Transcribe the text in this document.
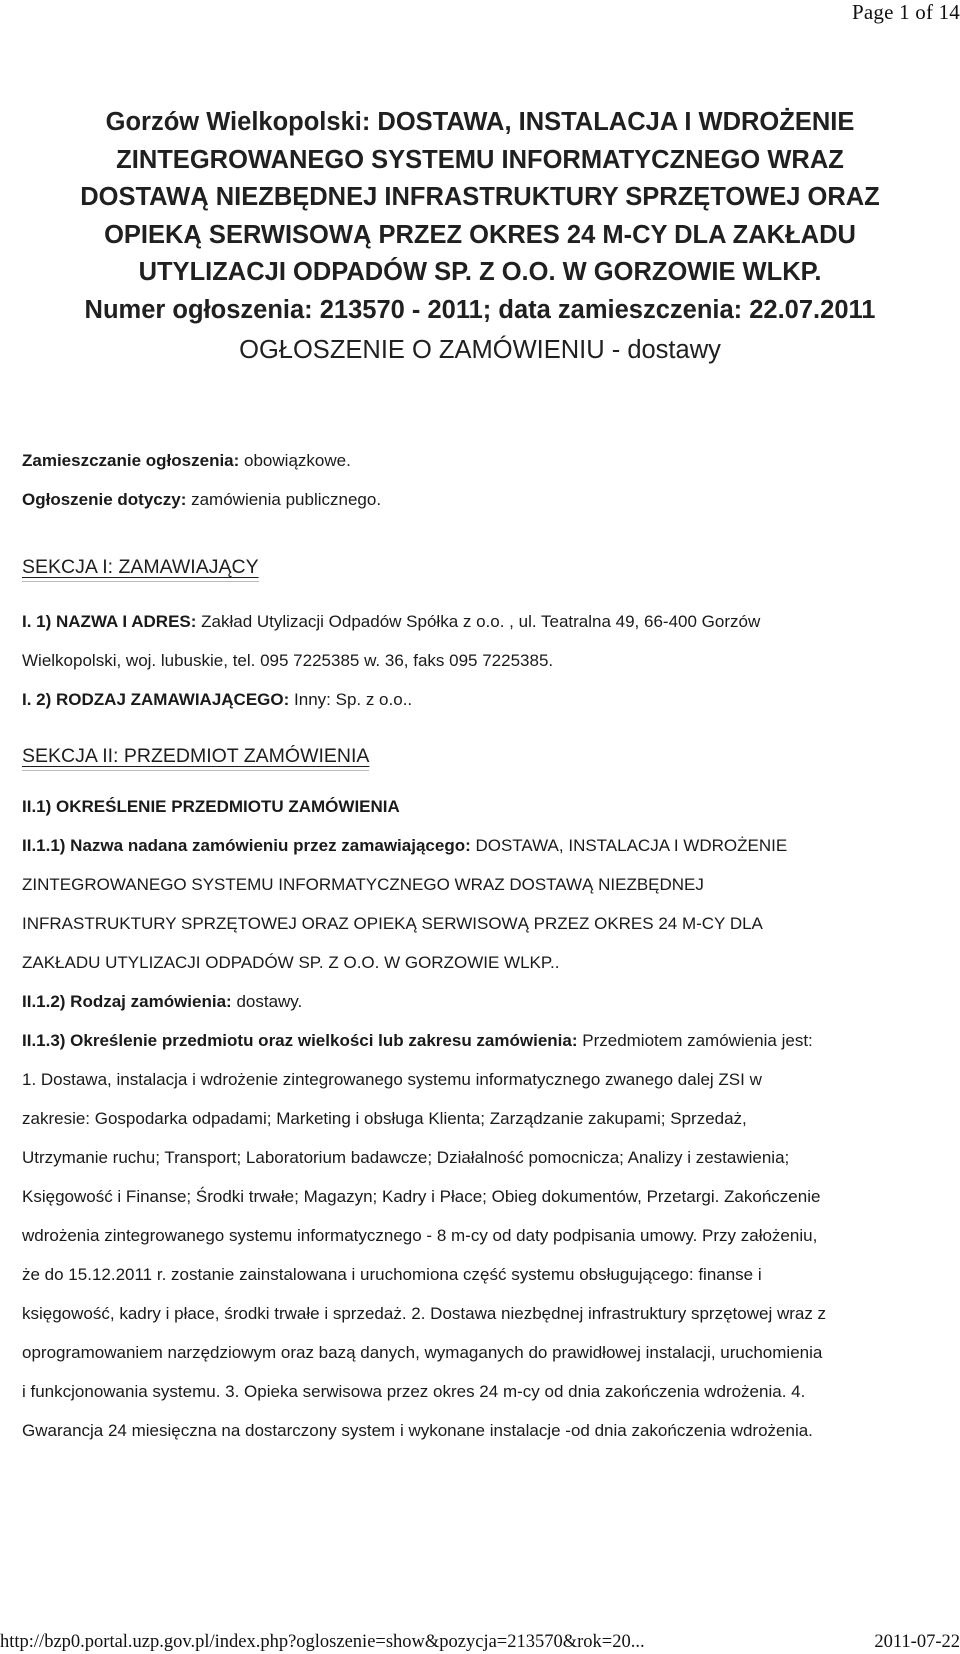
Page 1 of 14
Gorzów Wielkopolski: DOSTAWA, INSTALACJA I WDROŻENIE
ZINTEGROWANEGO SYSTEMU INFORMATYCZNEGO WRAZ
DOSTAWĄ NIEZBĘDNEJ INFRASTRUKTURY SPRZĘTOWEJ ORAZ
OPIEKĄ SERWISOWĄ PRZEZ OKRES 24 M-CY DLA ZAKŁADU
UTYLIZACJI ODPADÓW SP. Z O.O. W GORZOWIE WLKP.
Numer ogłoszenia: 213570 - 2011; data zamieszczenia: 22.07.2011
OGŁOSZENIE O ZAMÓWIENIU - dostawy

Zamieszczanie ogłoszenia: obowiązkowe.

Ogłoszenie dotyczy: zamówienia publicznego.

SEKCJA I: ZAMAWIAJĄCY

I. 1) NAZWA I ADRES: Zakład Utylizacji Odpadów Spółka z o.o. , ul. Teatralna 49, 66-400 Gorzów

Wielkopolski, woj. lubuskie, tel. 095 7225385 w. 36, faks 095 7225385.

I. 2) RODZAJ ZAMAWIAJĄCEGO: Inny: Sp. z o.o..

SEKCJA II: PRZEDMIOT ZAMÓWIENIA

II.1) OKREŚLENIE PRZEDMIOTU ZAMÓWIENIA

II.1.1) Nazwa nadana zamówieniu przez zamawiającego: DOSTAWA, INSTALACJA I WDROŻENIE

ZINTEGROWANEGO SYSTEMU INFORMATYCZNEGO WRAZ DOSTAWĄ NIEZBĘDNEJ

INFRASTRUKTURY SPRZĘTOWEJ ORAZ OPIEKĄ SERWISOWĄ PRZEZ OKRES 24 M-CY DLA

ZAKŁADU UTYLIZACJI ODPADÓW SP. Z O.O. W GORZOWIE WLKP..

II.1.2) Rodzaj zamówienia: dostawy.

II.1.3) Określenie przedmiotu oraz wielkości lub zakresu zamówienia: Przedmiotem zamówienia jest:

1. Dostawa, instalacja i wdrożenie zintegrowanego systemu informatycznego zwanego dalej ZSI w

zakresie: Gospodarka odpadami; Marketing i obsługa Klienta; Zarządzanie zakupami; Sprzedaż,

Utrzymanie ruchu; Transport; Laboratorium badawcze; Działalność pomocnicza; Analizy i zestawienia;

Księgowość i Finanse; Środki trwałe; Magazyn; Kadry i Płace; Obieg dokumentów, Przetargi. Zakończenie

wdrożenia zintegrowanego systemu informatycznego - 8 m-cy od daty podpisania umowy. Przy założeniu,

że do 15.12.2011 r. zostanie zainstalowana i uruchomiona część systemu obsługującego: finanse i

księgowość, kadry i płace, środki trwałe i sprzedaż. 2. Dostawa niezbędnej infrastruktury sprzętowej wraz z

oprogramowaniem narzędziowym oraz bazą danych, wymaganych do prawidłowej instalacji, uruchomienia

i funkcjonowania systemu. 3. Opieka serwisowa przez okres 24 m-cy od dnia zakończenia wdrożenia. 4.

Gwarancja 24 miesięczna na dostarczony system i wykonane instalacje -od dnia zakończenia wdrożenia.

http://bzp0.portal.uzp.gov.pl/index.php?ogloszenie=show&pozycja=213570&rok=20...	2011-07-22
